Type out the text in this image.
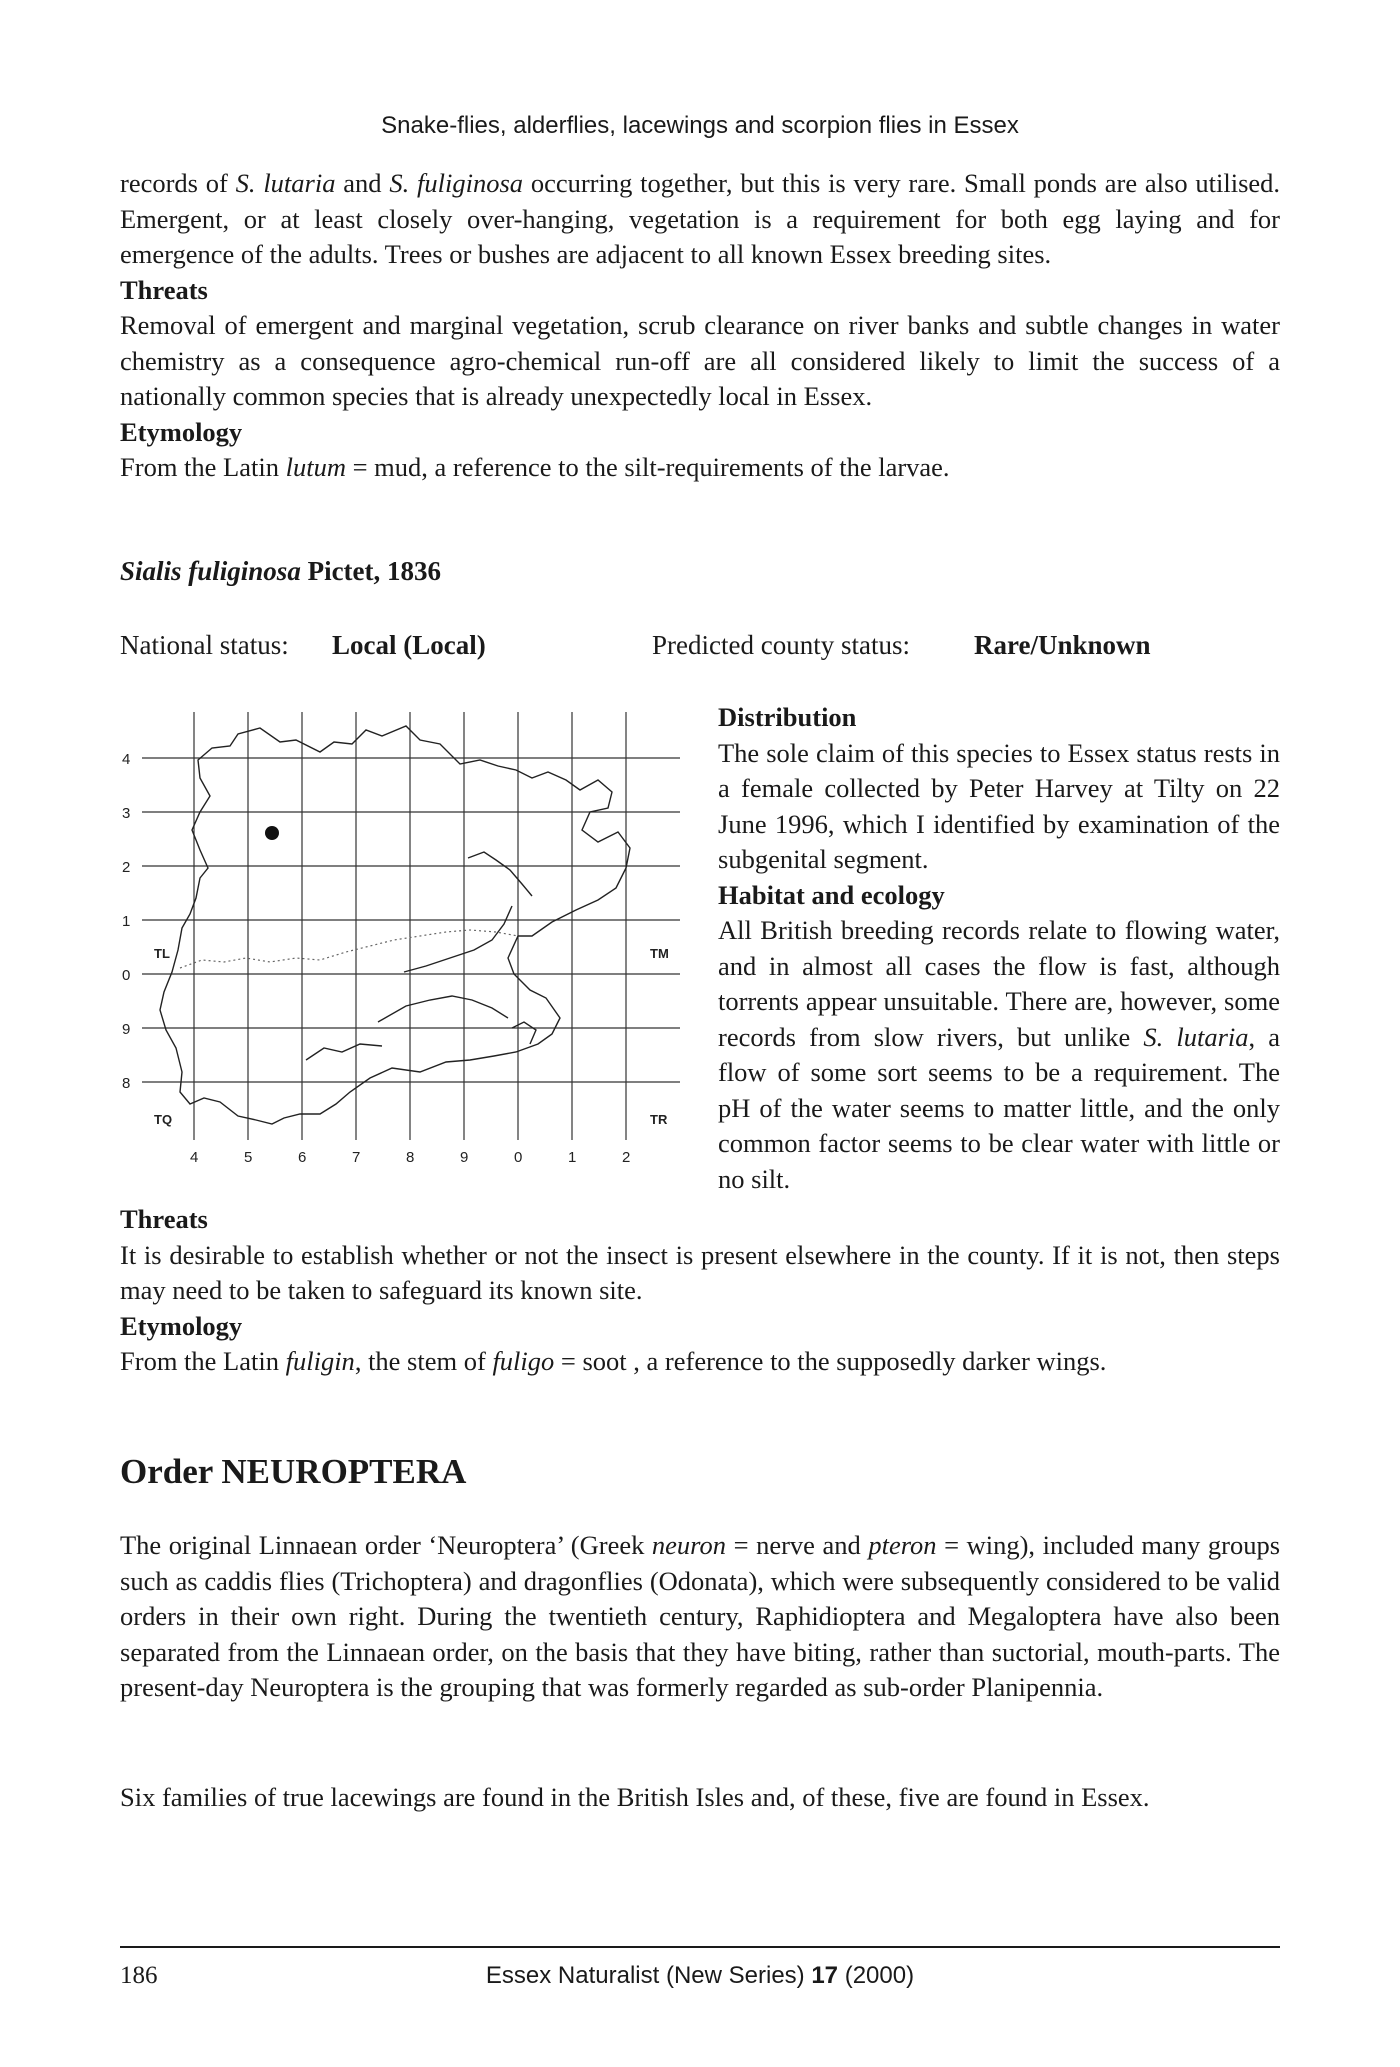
Snake-flies, alderflies, lacewings and scorpion flies in Essex

records of S. lutaria and S. fuliginosa occurring together, but this is very rare. Small ponds are also utilised. Emergent, or at least closely over-hanging, vegetation is a requirement for both egg laying and for emergence of the adults. Trees or bushes are adjacent to all known Essex breeding sites.

Threats

Removal of emergent and marginal vegetation, scrub clearance on river banks and subtle changes in water chemistry as a consequence agro-chemical run-off are all considered likely to limit the success of a nationally common species that is already unexpectedly local in Essex.

Etymology

From the Latin lutum = mud, a reference to the silt-requirements of the larvae.

Sialis fuliginosa Pictet, 1836
National status: Local (Local)	Predicted county status: Rare/Unknown
4
3
2
1
0
9
8
4	5	6	7	8	9	0	1	2
TL	TM
TQ	TR

Distribution

The sole claim of this species to Essex status rests in a female collected by Peter Harvey at Tilty on 22 June 1996, which I identified by examination of the subgenital segment.

Habitat and ecology

All British breeding records relate to flowing water, and in almost all cases the flow is fast, although torrents appear unsuitable. There are, however, some records from slow rivers, but unlike S. lutaria, a flow of some sort seems to be a requirement. The pH of the water seems to matter little, and the only common factor seems to be clear water with little or no silt.

Threats

It is desirable to establish whether or not the insect is present elsewhere in the county. If it is not, then steps may need to be taken to safeguard its known site.

Etymology

From the Latin fuligin, the stem of fuligo = soot , a reference to the supposedly darker wings.

Order NEUROPTERA

The original Linnaean order ‘Neuroptera’ (Greek neuron = nerve and pteron = wing), included many groups such as caddis flies (Trichoptera) and dragonflies (Odonata), which were subsequently considered to be valid orders in their own right. During the twentieth century, Raphidioptera and Megaloptera have also been separated from the Linnaean order, on the basis that they have biting, rather than suctorial, mouth-parts. The present-day Neuroptera is the grouping that was formerly regarded as sub-order Planipennia.

Six families of true lacewings are found in the British Isles and, of these, five are found in Essex.
186	Essex Naturalist (New Series) 17 (2000)
